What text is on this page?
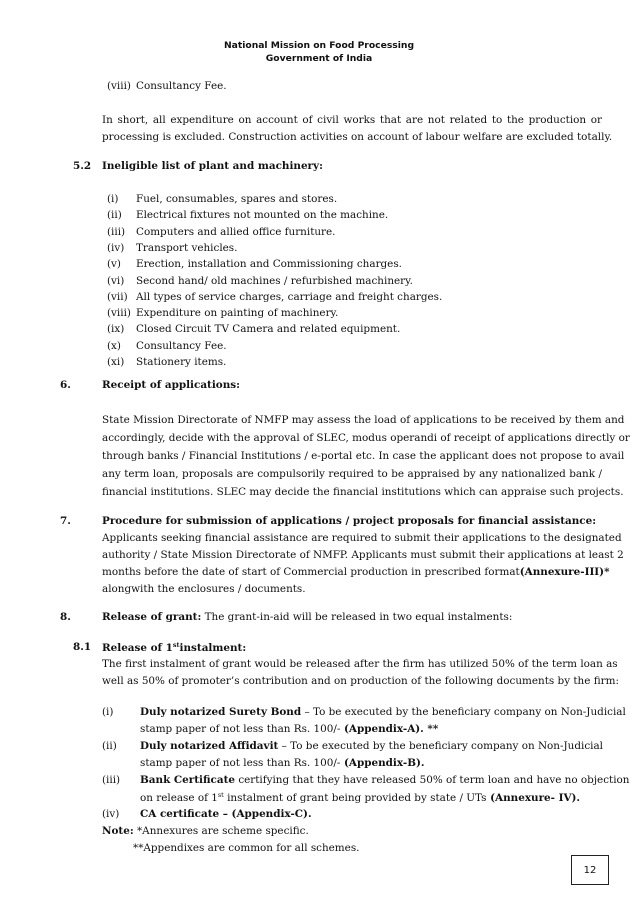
National Mission on Food Processing
Government of India
(viii) Consultancy Fee.
In short, all expenditure on account of civil works that are not related to the production or
processing is excluded. Construction activities on account of labour welfare are excluded totally.
5.2 Ineligible list of plant and machinery:
(i) Fuel, consumables, spares and stores.
(ii) Electrical fixtures not mounted on the machine.
(iii) Computers and allied office furniture.
(iv) Transport vehicles.
(v) Erection, installation and Commissioning charges.
(vi) Second hand/ old machines / refurbished machinery.
(vii) All types of service charges, carriage and freight charges.
(viii) Expenditure on painting of machinery.
(ix) Closed Circuit TV Camera and related equipment.
(x) Consultancy Fee.
(xi) Stationery items.
6.	Receipt of applications:
State Mission Directorate of NMFP may assess the load of applications to be received by them and
accordingly, decide with the approval of SLEC, modus operandi of receipt of applications directly or
through banks / Financial Institutions / e-portal etc. In case the applicant does not propose to avail
any term loan, proposals are compulsorily required to be appraised by any nationalized bank /
financial institutions. SLEC may decide the financial institutions which can appraise such projects.
7.	Procedure for submission of applications / project proposals for financial assistance:
Applicants seeking financial assistance are required to submit their applications to the designated
authority / State Mission Directorate of NMFP. Applicants must submit their applications at least 2
months before the date of start of Commercial production in prescribed format (Annexure-III)*
alongwith the enclosures / documents.
8.	Release of grant: The grant-in-aid will be released in two equal instalments:
8.1 Release of 1stinstalment:
The first instalment of grant would be released after the firm has utilized 50% of the term loan as
well as 50% of promoter’s contribution and on production of the following documents by the firm:
(i)	Duly notarized Surety Bond – To be executed by the beneficiary company on Non-Judicial
stamp paper of not less than Rs. 100/- (Appendix-A). **
(ii) Duly notarized Affidavit – To be executed by the beneficiary company on Non-Judicial
stamp paper of not less than Rs. 100/- (Appendix-B).
(iii) Bank Certificate certifying that they have released 50% of term loan and have no objection
on release of 1st instalment of grant being provided by state / UTs (Annexure- IV).
(iv) CA certificate – (Appendix-C).
Note: *Annexures are scheme specific.
**Appendixes are common for all schemes.
12
